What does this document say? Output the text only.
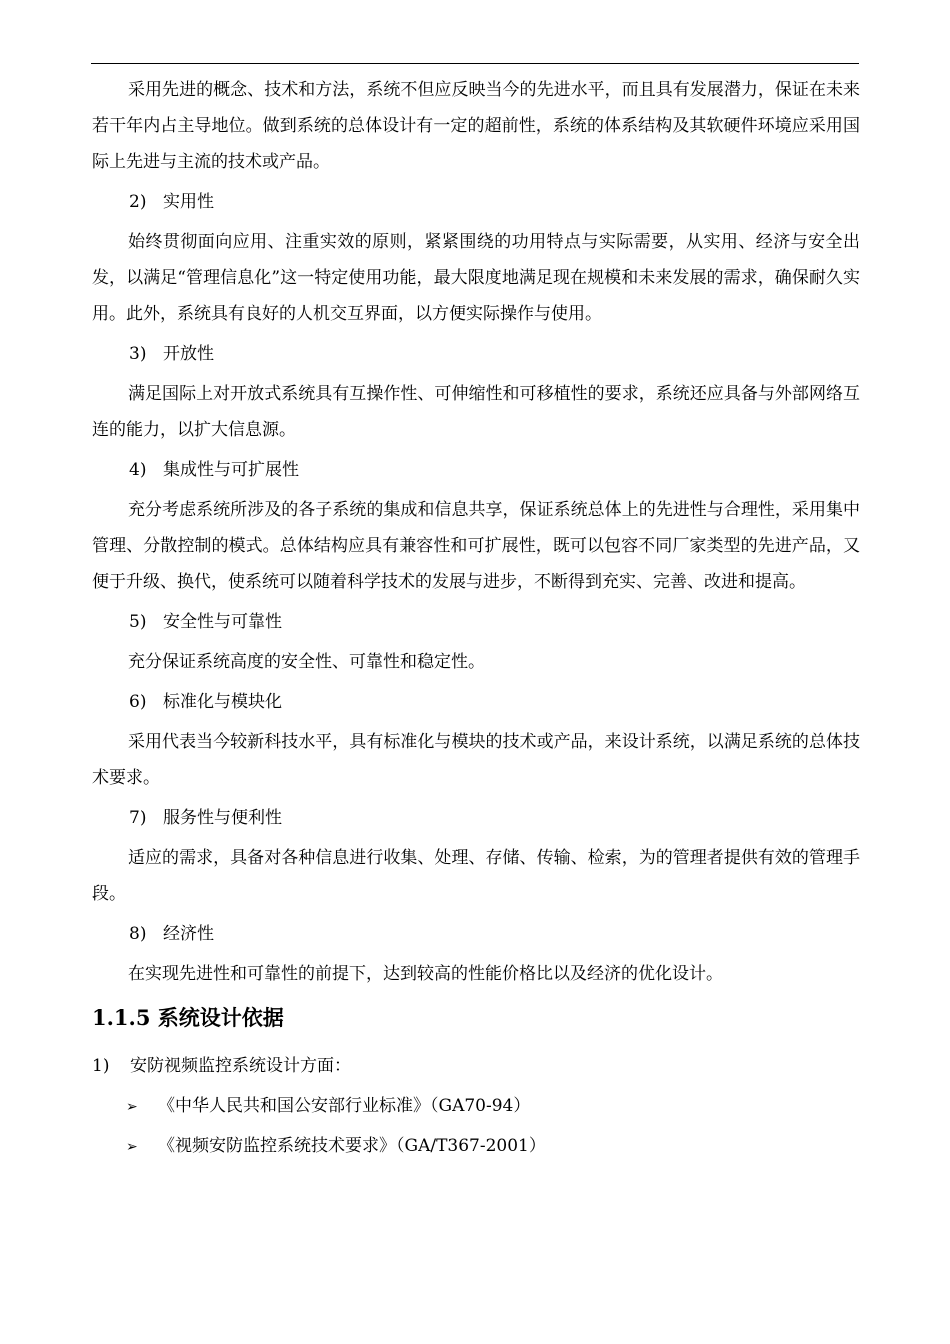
采用先进的概念、技术和方法，系统不但应反映当今的先进水平，而且具有发展潜力，保证在未来若干年内占主导地位。做到系统的总体设计有一定的超前性，系统的体系结构及其软硬件环境应采用国际上先进与主流的技术或产品。

2) 实用性

始终贯彻面向应用、注重实效的原则，紧紧围绕的功用特点与实际需要，从实用、经济与安全出发，以满足“管理信息化”这一特定使用功能，最大限度地满足现在规模和未来发展的需求，确保耐久实用。此外，系统具有良好的人机交互界面，以方便实际操作与使用。

3) 开放性

满足国际上对开放式系统具有互操作性、可伸缩性和可移植性的要求，系统还应具备与外部网络互连的能力，以扩大信息源。

4) 集成性与可扩展性

充分考虑系统所涉及的各子系统的集成和信息共享，保证系统总体上的先进性与合理性，采用集中管理、分散控制的模式。总体结构应具有兼容性和可扩展性，既可以包容不同厂家类型的先进产品，又便于升级、换代，使系统可以随着科学技术的发展与进步，不断得到充实、完善、改进和提高。

5) 安全性与可靠性

充分保证系统高度的安全性、可靠性和稳定性。

6) 标准化与模块化

采用代表当今较新科技水平，具有标准化与模块的技术或产品，来设计系统，以满足系统的总体技术要求。

7) 服务性与便利性

适应的需求，具备对各种信息进行收集、处理、存储、传输、检索，为的管理者提供有效的管理手段。

8) 经济性

在实现先进性和可靠性的前提下，达到较高的性能价格比以及经济的优化设计。

1.1.5 系统设计依据
1) 安防视频监控系统设计方面：
➢ 《中华人民共和国公安部行业标准》（GA70-94）
➢ 《视频安防监控系统技术要求》（GA/T367-2001）
